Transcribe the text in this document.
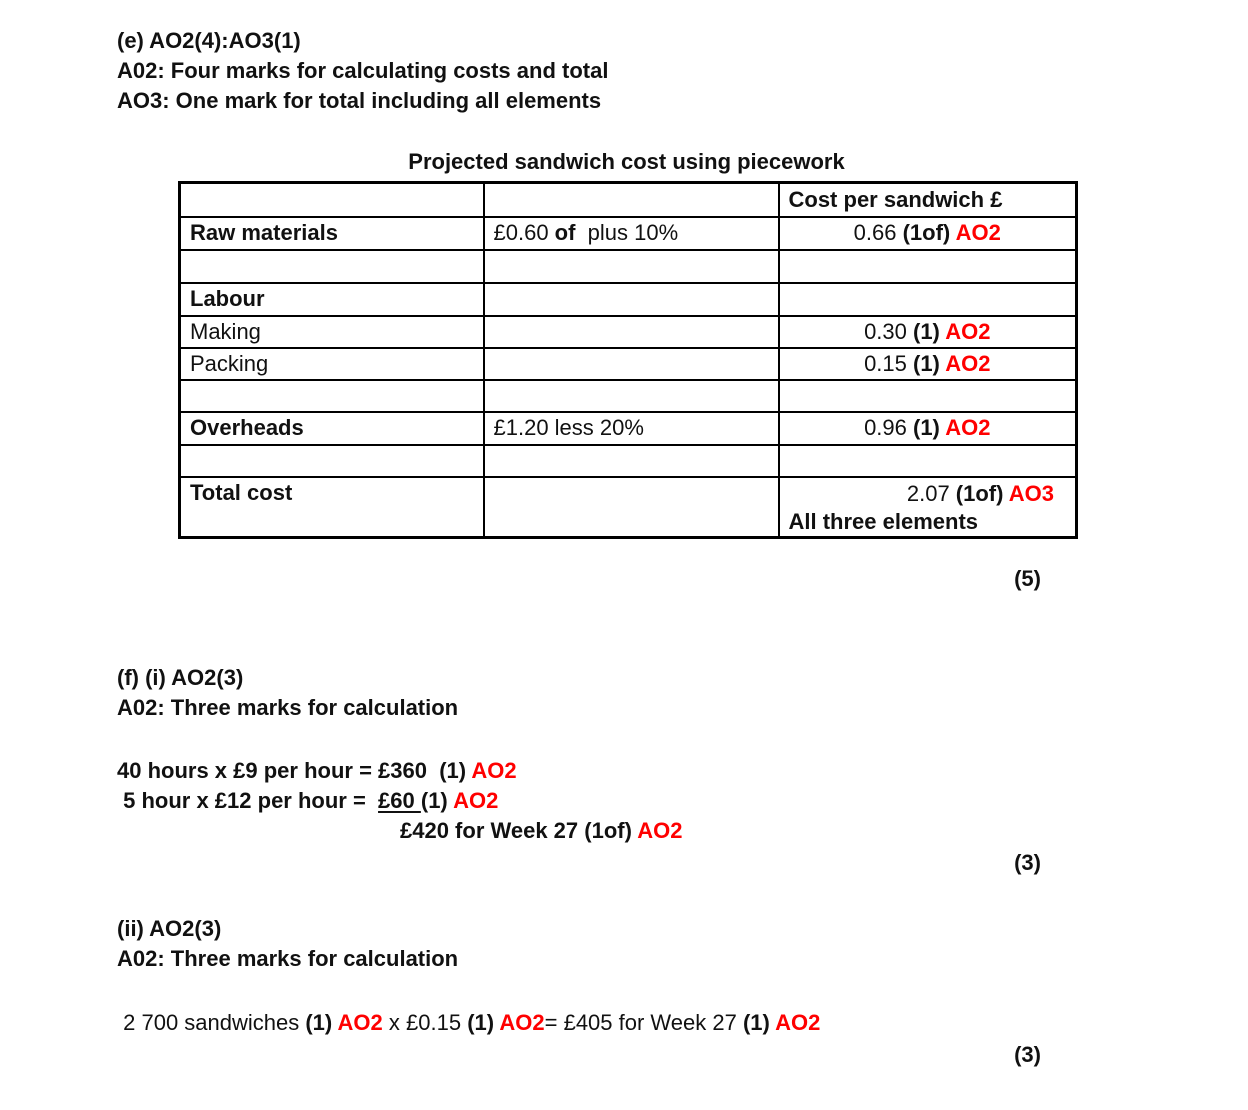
(e) AO2(4):AO3(1)
A02: Four marks for calculating costs and total
AO3: One mark for total including all elements
Projected sandwich cost using piecework
		Cost per sandwich £
Raw materials	£0.60 of  plus 10%	0.66 (1of) AO2

Labour		
Making		0.30 (1) AO2
Packing		0.15 (1) AO2

Overheads	£1.20 less 20%	0.96 (1) AO2

Total cost		2.07 (1of) AO3
All three elements
(5)
(f) (i) AO2(3)
A02: Three marks for calculation
40 hours x £9 per hour = £360  (1) AO2
5 hour x £12 per hour =  £60 (1) AO2
£420 for Week 27 (1of) AO2
(3)
(ii) AO2(3)
A02: Three marks for calculation
2 700 sandwiches (1) AO2 x £0.15 (1) AO2= £405 for Week 27 (1) AO2
(3)
